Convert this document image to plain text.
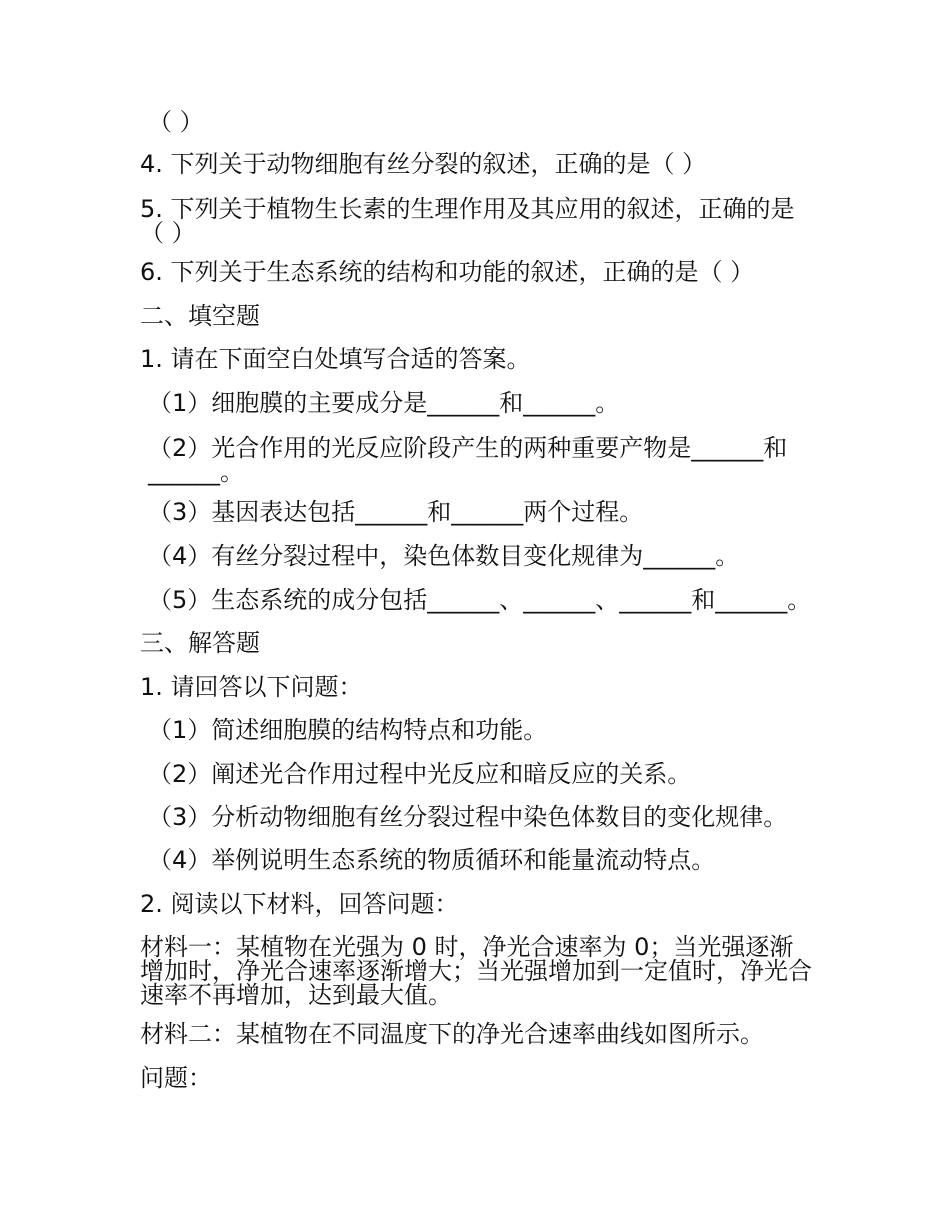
（ ）
4. 下列关于动物细胞有丝分裂的叙述，正确的是（ ）
5. 下列关于植物生长素的生理作用及其应用的叙述，正确的是（ ）
6. 下列关于生态系统的结构和功能的叙述，正确的是（ ）
二、填空题
1. 请在下面空白处填写合适的答案。
（1）细胞膜的主要成分是______和______。
（2）光合作用的光反应阶段产生的两种重要产物是______和______。
（3）基因表达包括______和______两个过程。
（4）有丝分裂过程中，染色体数目变化规律为______。
（5）生态系统的成分包括______、______、______和______。
三、解答题
1. 请回答以下问题：
（1）简述细胞膜的结构特点和功能。
（2）阐述光合作用过程中光反应和暗反应的关系。
（3）分析动物细胞有丝分裂过程中染色体数目的变化规律。
（4）举例说明生态系统的物质循环和能量流动特点。
2. 阅读以下材料，回答问题：
材料一：某植物在光强为 0 时，净光合速率为 0；当光强逐渐增加时，净光合速率逐渐增大；当光强增加到一定值时，净光合速率不再增加，达到最大值。
材料二：某植物在不同温度下的净光合速率曲线如图所示。
问题：
